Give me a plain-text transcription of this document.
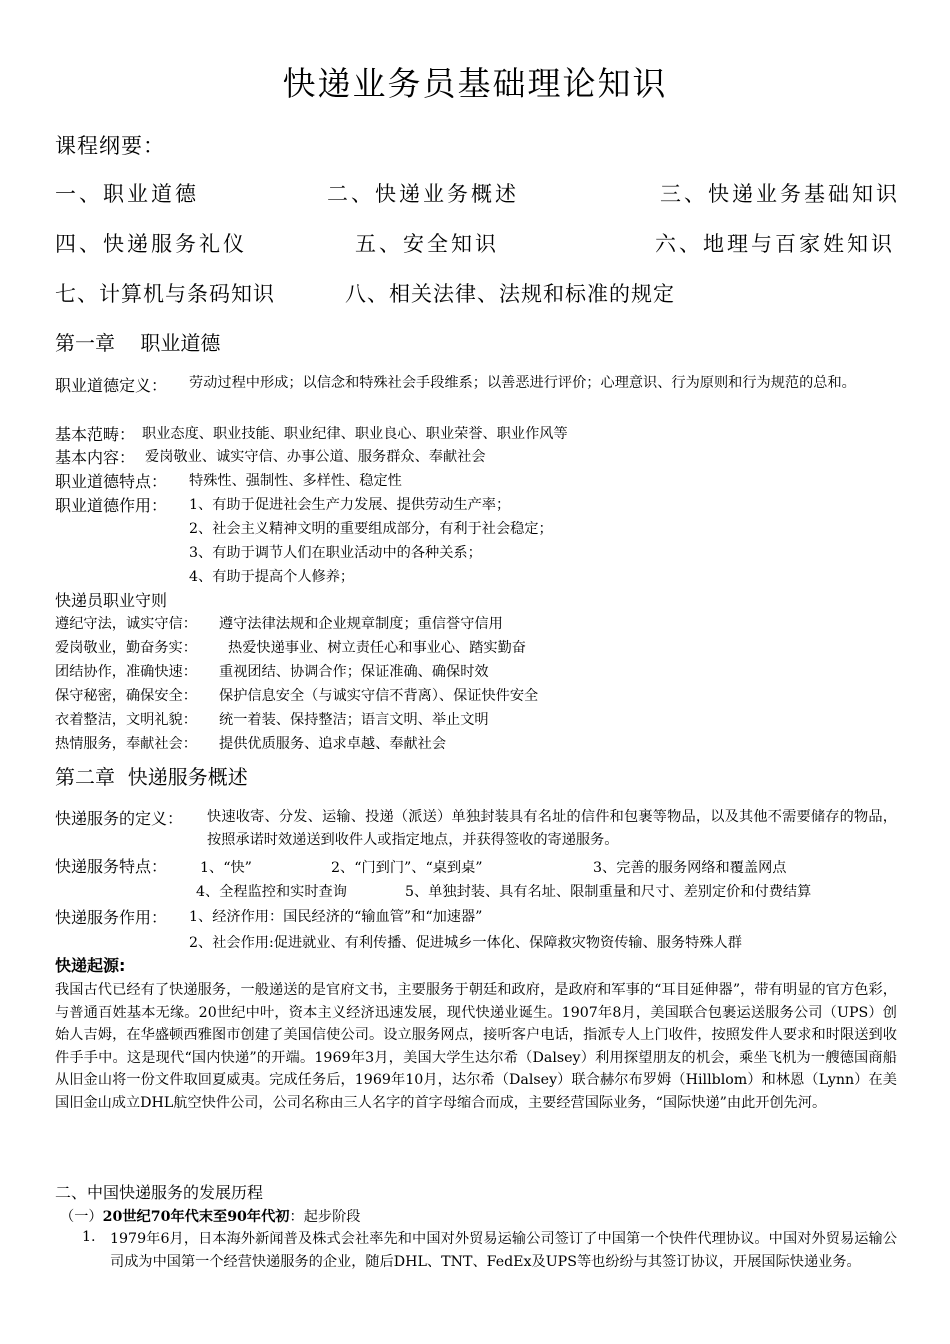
快递业务员基础理论知识
课程纲要：
一、职业道德	二、快递业务概述	三、快递业务基础知识
四、快递服务礼仪	五、安全知识	六、地理与百家姓知识
七、计算机与条码知识	八、相关法律、法规和标准的规定
第一章    职业道德
职业道德定义： 劳动过程中形成；以信念和特殊社会手段维系；以善恶进行评价；心理意识、行为原则和行为规范的总和。
基本范畴： 职业态度、职业技能、职业纪律、职业良心、职业荣誉、职业作风等
基本内容： 爱岗敬业、诚实守信、办事公道、服务群众、奉献社会
职业道德特点： 特殊性、强制性、多样性、稳定性
职业道德作用： 1、有助于促进社会生产力发展、提供劳动生产率；
2、社会主义精神文明的重要组成部分，有利于社会稳定；
3、有助于调节人们在职业活动中的各种关系；
4、有助于提高个人修养；
快递员职业守则
遵纪守法，诚实守信： 遵守法律法规和企业规章制度；重信誉守信用
爱岗敬业，勤奋务实： 热爱快递事业、树立责任心和事业心、踏实勤奋
团结协作，准确快速： 重视团结、协调合作；保证准确、确保时效
保守秘密，确保安全： 保护信息安全（与诚实守信不背离）、保证快件安全
衣着整洁，文明礼貌： 统一着装、保持整洁；语言文明、举止文明
热情服务，奉献社会： 提供优质服务、追求卓越、奉献社会
第二章  快递服务概述
快递服务的定义： 快速收寄、分发、运输、投递（派送）单独封装具有名址的信件和包裹等物品，以及其他不需要储存的物品，按照承诺时效递送到收件人或指定地点，并获得签收的寄递服务。
快递服务特点： 1、“快”	2、“门到门”、“桌到桌”	3、完善的服务网络和覆盖网点
4、全程监控和实时查询	5、单独封装、具有名址、限制重量和尺寸、差别定价和付费结算
快递服务作用： 1、经济作用：国民经济的“输血管”和“加速器”
2、社会作用:促进就业、有利传播、促进城乡一体化、保障救灾物资传输、服务特殊人群
快递起源:
我国古代已经有了快递服务，一般递送的是官府文书，主要服务于朝廷和政府，是政府和军事的“耳目延伸器”，带有明显的官方色彩，与普通百姓基本无缘。20世纪中叶，资本主义经济迅速发展，现代快递业诞生。1907年8月，美国联合包裹运送服务公司（UPS）创始人吉姆，在华盛顿西雅图市创建了美国信使公司。设立服务网点，接听客户电话，指派专人上门收件，按照发件人要求和时限送到收件手手中。这是现代“国内快递”的开端。1969年3月，美国大学生达尔希（Dalsey）利用探望朋友的机会，乘坐飞机为一艘德国商船从旧金山将一份文件取回夏威夷。完成任务后，1969年10月，达尔希（Dalsey）联合赫尔布罗姆（Hillblom）和林恩（Lynn）在美国旧金山成立DHL航空快件公司，公司名称由三人名字的首字母缩合而成，主要经营国际业务，“国际快递”由此开创先河。
二、中国快递服务的发展历程
（一）20世纪70年代末至90年代初：起步阶段
1. 1979年6月，日本海外新闻普及株式会社率先和中国对外贸易运输公司签订了中国第一个快件代理协议。中国对外贸易运输公司成为中国第一个经营快递服务的企业，随后DHL、TNT、FedEx及UPS等也纷纷与其签订协议，开展国际快递业务。
